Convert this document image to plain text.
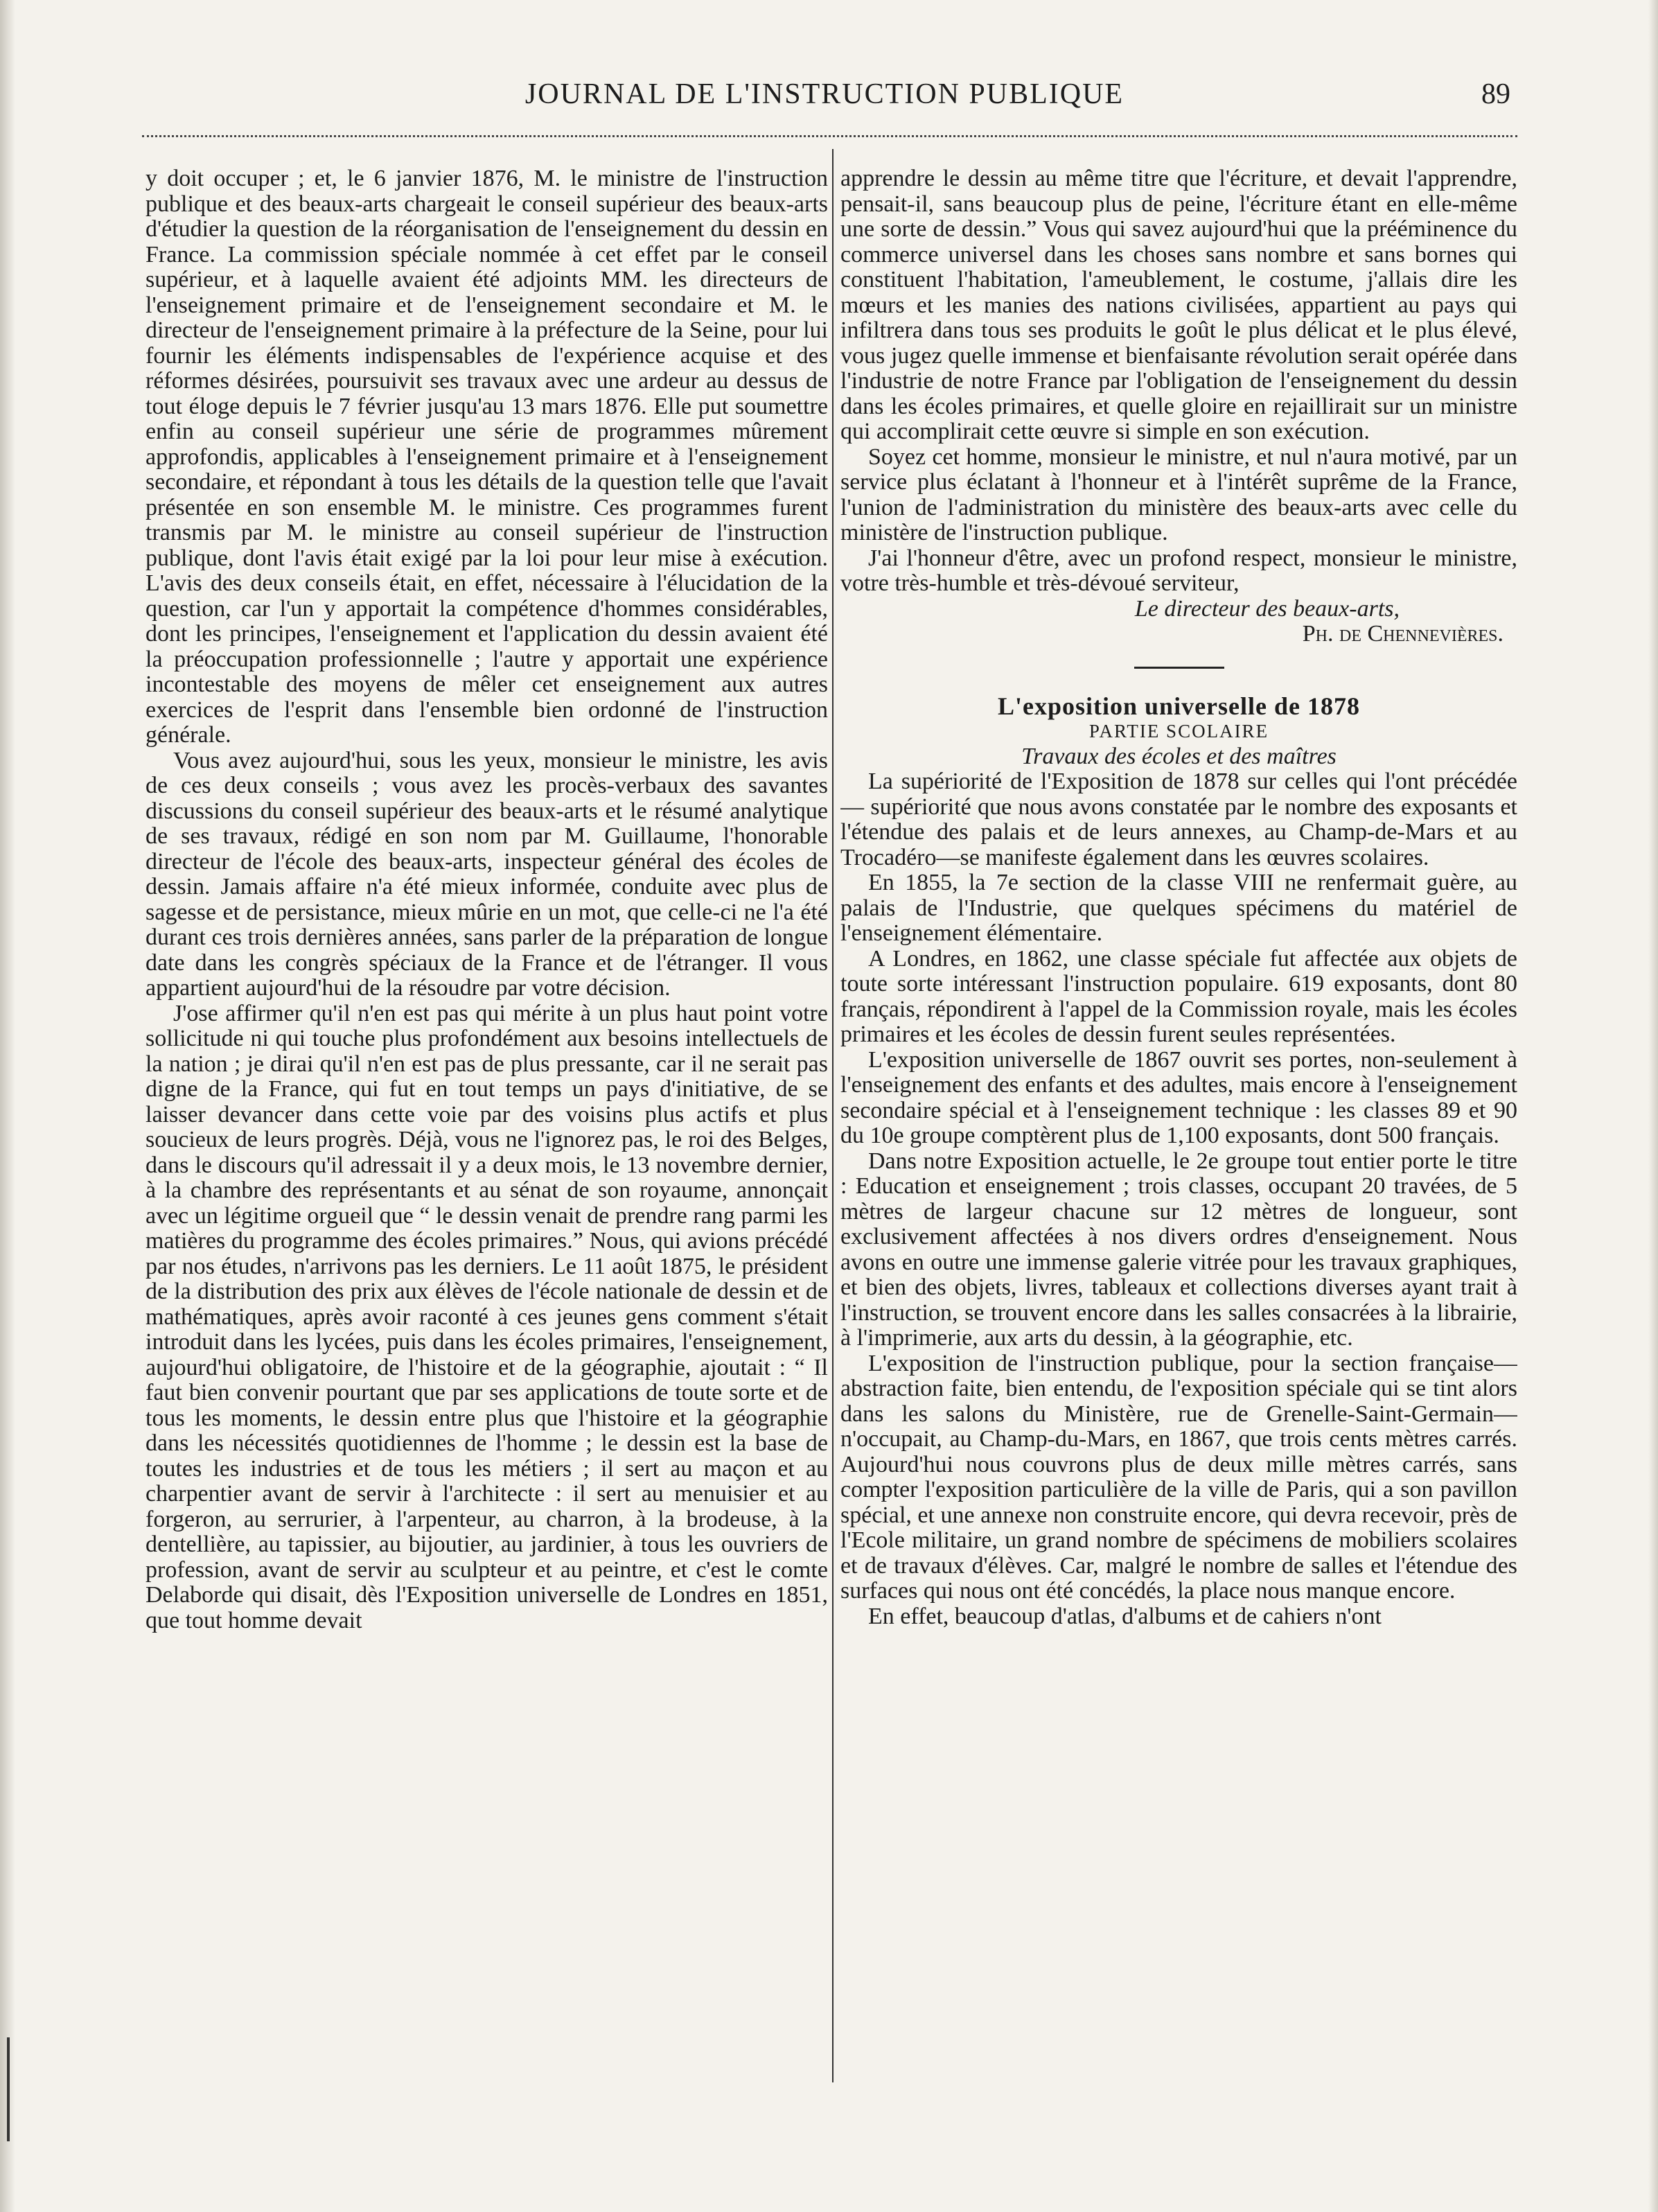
JOURNAL DE L'INSTRUCTION PUBLIQUE	89

y doit occuper ; et, le 6 janvier 1876, M. le ministre de l'instruction publique et des beaux-arts chargeait le conseil supérieur des beaux-arts d'étudier la question de la réorganisation de l'enseignement du dessin en France. La commission spéciale nommée à cet effet par le conseil supérieur, et à laquelle avaient été adjoints MM. les directeurs de l'enseignement primaire et de l'enseignement secondaire et M. le directeur de l'enseignement primaire à la préfecture de la Seine, pour lui fournir les éléments indispensables de l'expérience acquise et des réformes désirées, poursuivit ses travaux avec une ardeur au dessus de tout éloge depuis le 7 février jusqu'au 13 mars 1876. Elle put soumettre enfin au conseil supérieur une série de programmes mûrement approfondis, applicables à l'enseignement primaire et à l'enseignement secondaire, et répondant à tous les détails de la question telle que l'avait présentée en son ensemble M. le ministre. Ces programmes furent transmis par M. le ministre au conseil supérieur de l'instruction publique, dont l'avis était exigé par la loi pour leur mise à exécution. L'avis des deux conseils était, en effet, nécessaire à l'élucidation de la question, car l'un y apportait la compétence d'hommes considérables, dont les principes, l'enseignement et l'application du dessin avaient été la préoccupation professionnelle ; l'autre y apportait une expérience incontestable des moyens de mêler cet enseignement aux autres exercices de l'esprit dans l'ensemble bien ordonné de l'instruction générale.

Vous avez aujourd'hui, sous les yeux, monsieur le ministre, les avis de ces deux conseils ; vous avez les procès-verbaux des savantes discussions du conseil supérieur des beaux-arts et le résumé analytique de ses travaux, rédigé en son nom par M. Guillaume, l'honorable directeur de l'école des beaux-arts, inspecteur général des écoles de dessin. Jamais affaire n'a été mieux informée, conduite avec plus de sagesse et de persistance, mieux mûrie en un mot, que celle-ci ne l'a été durant ces trois dernières années, sans parler de la préparation de longue date dans les congrès spéciaux de la France et de l'étranger. Il vous appartient aujourd'hui de la résoudre par votre décision.

J'ose affirmer qu'il n'en est pas qui mérite à un plus haut point votre sollicitude ni qui touche plus profondément aux besoins intellectuels de la nation ; je dirai qu'il n'en est pas de plus pressante, car il ne serait pas digne de la France, qui fut en tout temps un pays d'initiative, de se laisser devancer dans cette voie par des voisins plus actifs et plus soucieux de leurs progrès. Déjà, vous ne l'ignorez pas, le roi des Belges, dans le discours qu'il adressait il y a deux mois, le 13 novembre dernier, à la chambre des représentants et au sénat de son royaume, annonçait avec un légitime orgueil que “ le dessin venait de prendre rang parmi les matières du programme des écoles primaires.” Nous, qui avions précédé par nos études, n'arrivons pas les derniers. Le 11 août 1875, le président de la distribution des prix aux élèves de l'école nationale de dessin et de mathématiques, après avoir raconté à ces jeunes gens comment s'était introduit dans les lycées, puis dans les écoles primaires, l'enseignement, aujourd'hui obligatoire, de l'histoire et de la géographie, ajoutait : “ Il faut bien convenir pourtant que par ses applications de toute sorte et de tous les moments, le dessin entre plus que l'histoire et la géographie dans les nécessités quotidiennes de l'homme ; le dessin est la base de toutes les industries et de tous les métiers ; il sert au maçon et au charpentier avant de servir à l'architecte : il sert au menuisier et au forgeron, au serrurier, à l'arpenteur, au charron, à la brodeuse, à la dentellière, au tapissier, au bijoutier, au jardinier, à tous les ouvriers de profession, avant de servir au sculpteur et au peintre, et c'est le comte Delaborde qui disait, dès l'Exposition universelle de Londres en 1851, que tout homme devait

apprendre le dessin au même titre que l'écriture, et devait l'apprendre, pensait-il, sans beaucoup plus de peine, l'écriture étant en elle-même une sorte de dessin.” Vous qui savez aujourd'hui que la prééminence du commerce universel dans les choses sans nombre et sans bornes qui constituent l'habitation, l'ameublement, le costume, j'allais dire les mœurs et les manies des nations civilisées, appartient au pays qui infiltrera dans tous ses produits le goût le plus délicat et le plus élevé, vous jugez quelle immense et bienfaisante révolution serait opérée dans l'industrie de notre France par l'obligation de l'enseignement du dessin dans les écoles primaires, et quelle gloire en rejaillirait sur un ministre qui accomplirait cette œuvre si simple en son exécution.

Soyez cet homme, monsieur le ministre, et nul n'aura motivé, par un service plus éclatant à l'honneur et à l'intérêt suprême de la France, l'union de l'administration du ministère des beaux-arts avec celle du ministère de l'instruction publique.

J'ai l'honneur d'être, avec un profond respect, monsieur le ministre, votre très-humble et très-dévoué serviteur,

Le directeur des beaux-arts,

Ph. de Chennevières.

L'exposition universelle de 1878

PARTIE SCOLAIRE

Travaux des écoles et des maîtres

La supériorité de l'Exposition de 1878 sur celles qui l'ont précédée — supériorité que nous avons constatée par le nombre des exposants et l'étendue des palais et de leurs annexes, au Champ-de-Mars et au Trocadéro—se manifeste également dans les œuvres scolaires.

En 1855, la 7e section de la classe VIII ne renfermait guère, au palais de l'Industrie, que quelques spécimens du matériel de l'enseignement élémentaire.

A Londres, en 1862, une classe spéciale fut affectée aux objets de toute sorte intéressant l'instruction populaire. 619 exposants, dont 80 français, répondirent à l'appel de la Commission royale, mais les écoles primaires et les écoles de dessin furent seules représentées.

L'exposition universelle de 1867 ouvrit ses portes, non-seulement à l'enseignement des enfants et des adultes, mais encore à l'enseignement secondaire spécial et à l'enseignement technique : les classes 89 et 90 du 10e groupe comptèrent plus de 1,100 exposants, dont 500 français.

Dans notre Exposition actuelle, le 2e groupe tout entier porte le titre : Education et enseignement ; trois classes, occupant 20 travées, de 5 mètres de largeur chacune sur 12 mètres de longueur, sont exclusivement affectées à nos divers ordres d'enseignement. Nous avons en outre une immense galerie vitrée pour les travaux graphiques, et bien des objets, livres, tableaux et collections diverses ayant trait à l'instruction, se trouvent encore dans les salles consacrées à la librairie, à l'imprimerie, aux arts du dessin, à la géographie, etc.

L'exposition de l'instruction publique, pour la section française—abstraction faite, bien entendu, de l'exposition spéciale qui se tint alors dans les salons du Ministère, rue de Grenelle-Saint-Germain—n'occupait, au Champ-du-Mars, en 1867, que trois cents mètres carrés. Aujourd'hui nous couvrons plus de deux mille mètres carrés, sans compter l'exposition particulière de la ville de Paris, qui a son pavillon spécial, et une annexe non construite encore, qui devra recevoir, près de l'Ecole militaire, un grand nombre de spécimens de mobiliers scolaires et de travaux d'élèves. Car, malgré le nombre de salles et l'étendue des surfaces qui nous ont été concédés, la place nous manque encore.

En effet, beaucoup d'atlas, d'albums et de cahiers n'ont
